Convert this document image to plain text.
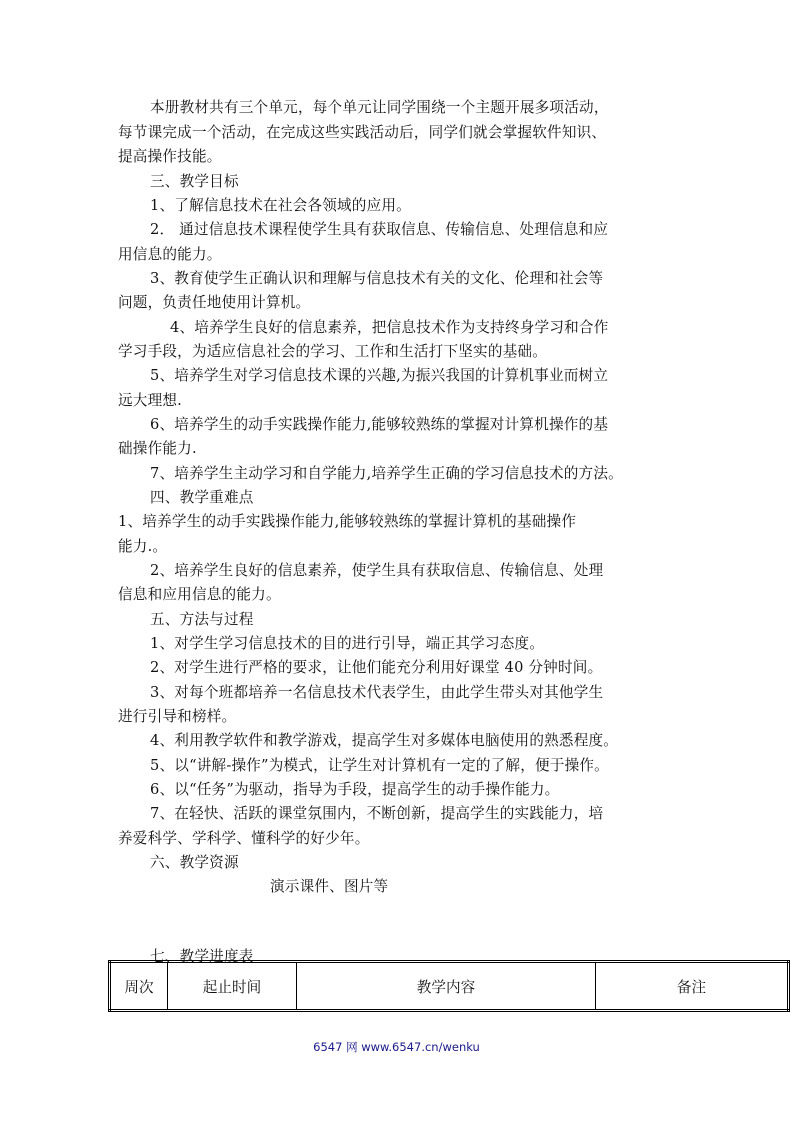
本册教材共有三个单元，每个单元让同学围绕一个主题开展多项活动，
每节课完成一个活动，在完成这些实践活动后，同学们就会掌握软件知识、
提高操作技能。
三、教学目标
1、了解信息技术在社会各领域的应用。
2． 通过信息技术课程使学生具有获取信息、传输信息、处理信息和应
用信息的能力。
3、教育使学生正确认识和理解与信息技术有关的文化、伦理和社会等
问题，负责任地使用计算机。
4、培养学生良好的信息素养，把信息技术作为支持终身学习和合作
学习手段，为适应信息社会的学习、工作和生活打下坚实的基础。
5、培养学生对学习信息技术课的兴趣,为振兴我国的计算机事业而树立
远大理想.
6、培养学生的动手实践操作能力,能够较熟练的掌握对计算机操作的基
础操作能力.
7、培养学生主动学习和自学能力,培养学生正确的学习信息技术的方法。
四、教学重难点
1、培养学生的动手实践操作能力,能够较熟练的掌握计算机的基础操作
能力.。
2、培养学生良好的信息素养，使学生具有获取信息、传输信息、处理
信息和应用信息的能力。
五、方法与过程
1、对学生学习信息技术的目的进行引导，端正其学习态度。
2、对学生进行严格的要求，让他们能充分利用好课堂 40 分钟时间。
3、对每个班都培养一名信息技术代表学生，由此学生带头对其他学生
进行引导和榜样。
4、利用教学软件和教学游戏，提高学生对多媒体电脑使用的熟悉程度。
5、以“讲解-操作”为模式，让学生对计算机有一定的了解，便于操作。
6、以“任务”为驱动，指导为手段，提高学生的动手操作能力。
7、在轻快、活跃的课堂氛围内，不断创新，提高学生的实践能力，培
养爱科学、学科学、懂科学的好少年。
六、教学资源
演示课件、图片等
七、教学进度表
周次	起止时间	教学内容	备注
6547 网 www.6547.cn/wenku
